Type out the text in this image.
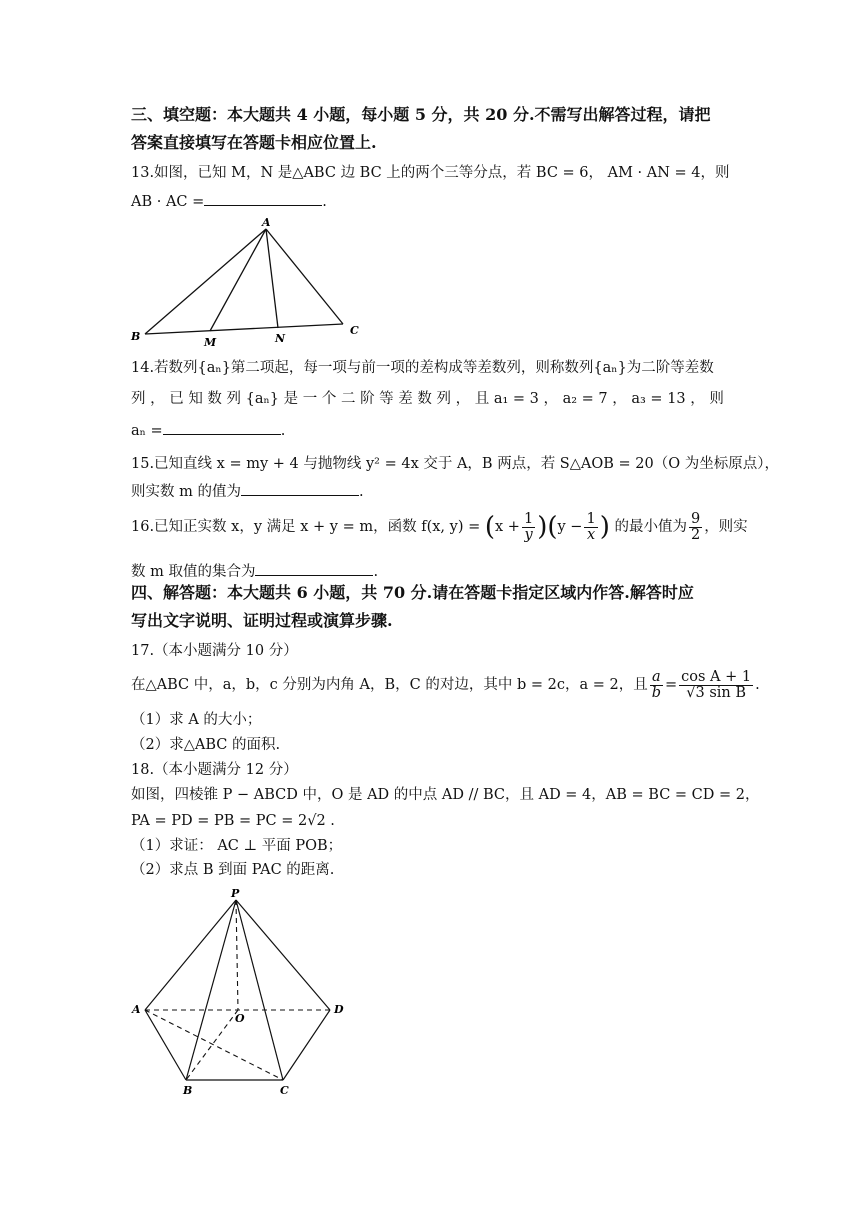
三、填空题：本大题共 4 小题，每小题 5 分，共 20 分.不需写出解答过程，请把
答案直接填写在答题卡相应位置上.
13.如图，已知 M，N 是△ABC 边 BC 上的两个三等分点，若 BC = 6， AM · AN = 4，则
AB · AC =	.
A
B	C
M	N
14.若数列{aₙ}第二项起，每一项与前一项的差构成等差数列，则称数列{aₙ}为二阶等差数
列 ， 已 知 数 列 {aₙ} 是 一 个 二 阶 等 差 数 列 ， 且 a₁ = 3 ， a₂ = 7 ， a₃ = 13 ， 则
aₙ =	.
15.已知直线 x = my + 4 与抛物线 y² = 4x 交于 A，B 两点，若 S△AOB = 20（O 为坐标原点），
则实数 m 的值为	.
16.已知正实数 x，y 满足 x + y = m，函数 f(x, $y) = (x + \frac{1}{y} )(y - \frac{1}{x}$ ) 的最小值为 $\frac{9}{2}$ ，则实
数 m 取值的集合为	.
四、解答题：本大题共 6 小题，共 70 分.请在答题卡指定区域内作答.解答时应
写出文字说明、证明过程或演算步骤.
17.（本小题满分 10 分）
在△ABC 中，a，b，c 分别为内角 A，B，C 的对边，其中 b = 2c，a = 2，且 $\frac{a}{b} = \frac{\text{cos A + 1}}{\text{√3 sin B}}$ .
（1）求 A 的大小；
（2）求△ABC 的面积.
18.（本小题满分 12 分）
如图，四棱锥 P − ABCD 中，O 是 AD 的中点 AD // BC，且 AD = 4，AB = BC = CD = 2，
PA = PD = PB = PC = 2√2 .
（1）求证： AC ⊥ 平面 POB；
（2）求点 B 到面 PAC 的距离.
P
A
O
D
B	C
